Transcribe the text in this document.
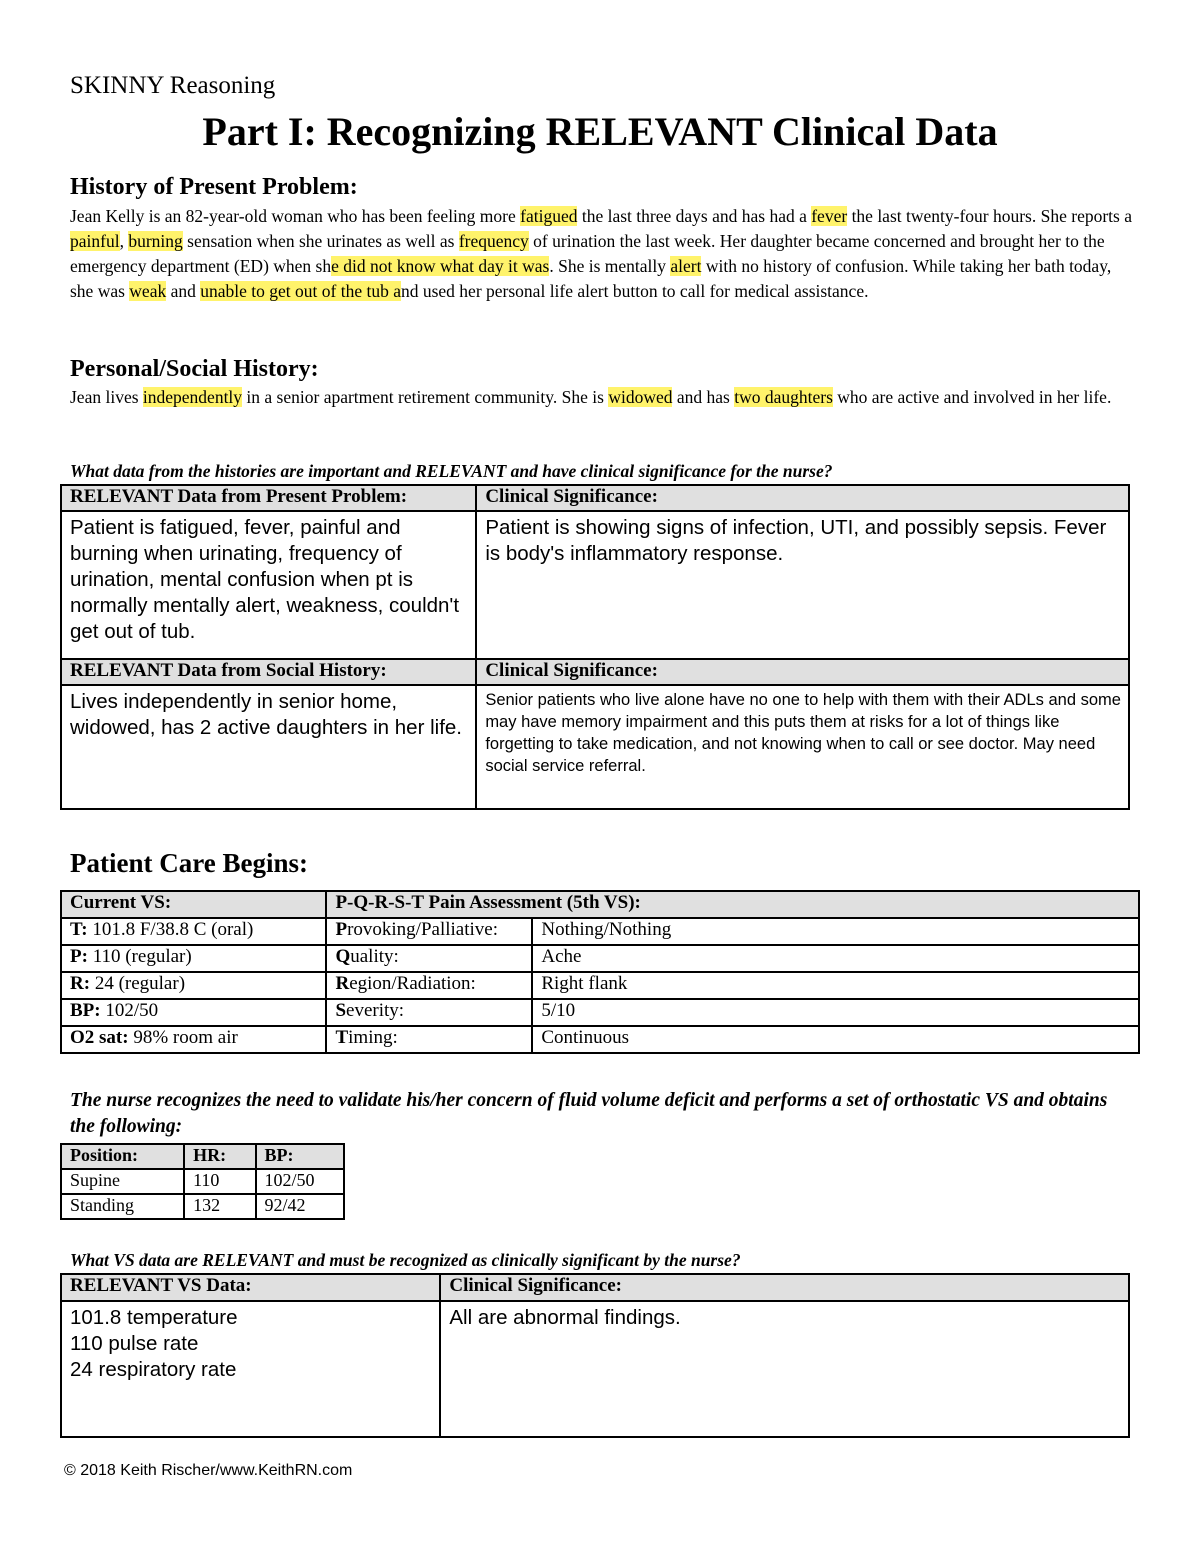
SKINNY Reasoning
Part I: Recognizing RELEVANT Clinical Data
History of Present Problem:
Jean Kelly is an 82-year-old woman who has been feeling more fatigued the last three days and has had a fever the last twenty-four hours. She reports a painful, burning sensation when she urinates as well as frequency of urination the last week. Her daughter became concerned and brought her to the emergency department (ED) when she did not know what day it was. She is mentally alert with no history of confusion. While taking her bath today, she was weak and unable to get out of the tub and used her personal life alert button to call for medical assistance.
Personal/Social History:
Jean lives independently in a senior apartment retirement community. She is widowed and has two daughters who are active and involved in her life.
What data from the histories are important and RELEVANT and have clinical significance for the nurse?
RELEVANT Data from Present Problem:	Clinical Significance:
Patient is fatigued, fever, painful and burning when urinating, frequency of urination, mental confusion when pt is normally mentally alert, weakness, couldn't get out of tub.	Patient is showing signs of infection, UTI, and possibly sepsis. Fever is body's inflammatory response.
RELEVANT Data from Social History:	Clinical Significance:
Lives independently in senior home, widowed, has 2 active daughters in her life.	Senior patients who live alone have no one to help with them with their ADLs and some may have memory impairment and this puts them at risks for a lot of things like forgetting to take medication, and not knowing when to call or see doctor. May need social service referral.
Patient Care Begins:
Current VS:	P-Q-R-S-T Pain Assessment (5th VS):	
T: 101.8 F/38.8 C (oral)	Provoking/Palliative:	Nothing/Nothing
P: 110 (regular)	Quality:	Ache
R: 24 (regular)	Region/Radiation:	Right flank
BP: 102/50	Severity:	5/10
O2 sat: 98% room air	Timing:	Continuous
The nurse recognizes the need to validate his/her concern of fluid volume deficit and performs a set of orthostatic VS and obtains the following:
Position:	HR:	BP:
Supine	110	102/50
Standing	132	92/42
What VS data are RELEVANT and must be recognized as clinically significant by the nurse?
RELEVANT VS Data:	Clinical Significance:

101.8 temperature
110 pulse rate
24 respiratory rate	All are abnormal findings.
© 2018 Keith Rischer/www.KeithRN.com
